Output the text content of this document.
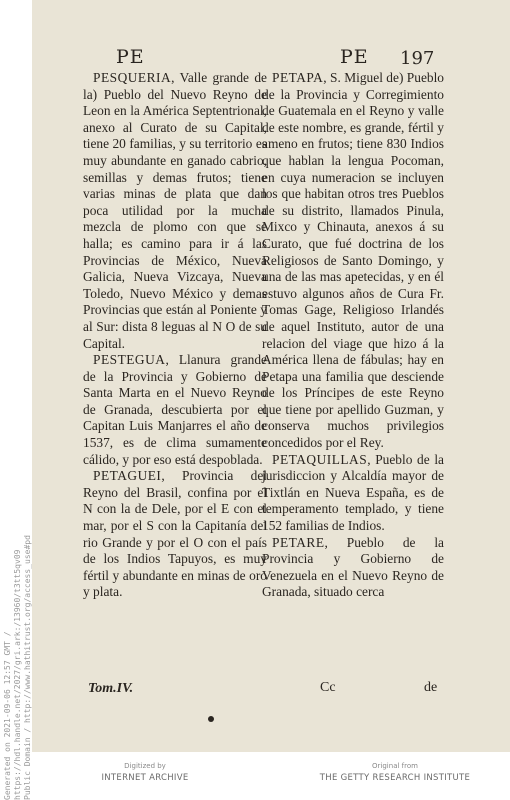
PE	PE 197

PESQUERIA, Valle grande de la) Pueblo del Nuevo Reyno de Leon en la América Septentrional, anexo al Curato de su Capital, tiene 20 familias, y su territorio es muy abundante en ganado cabrio, semillas y demas frutos; tiene varias minas de plata que dan poca utilidad por la mucha mezcla de plomo con que se halla; es camino para ir á las Provincias de México, Nueva Galicia, Nueva Vizcaya, Nueva Toledo, Nuevo México y demas Provincias que están al Poniente y al Sur: dista 8 leguas al N O de su Capital.

PESTEGUA, Llanura grande de la Provincia y Gobierno de Santa Marta en el Nuevo Reyno de Granada, descubierta por el Capitan Luis Manjarres el año de 1537, es de clima sumamente cálido, y por eso está despoblada.

PETAGUEI, Provincia del Reyno del Brasil, confina por el N con la de Dele, por el E con el mar, por el S con la Capitanía del rio Grande y por el O con el país de los Indios Tapuyos, es muy fértil y abundante en minas de oro y plata.

PETAPA, S. Miguel de) Pueblo de la Provincia y Corregimiento de Guatemala en el Reyno y valle de este nombre, es grande, fértil y ameno en frutos; tiene 830 Indios que hablan la lengua Pocoman, en cuya numeracion se incluyen los que habitan otros tres Pueblos de su distrito, llamados Pinula, Mixco y Chinauta, anexos á su Curato, que fué doctrina de los Religiosos de Santo Domingo, y una de las mas apetecidas, y en él estuvo algunos años de Cura Fr. Tomas Gage, Religioso Irlandés de aquel Instituto, autor de una relacion del viage que hizo á la América llena de fábulas; hay en Petapa una familia que desciende de los Príncipes de este Reyno que tiene por apellido Guzman, y conserva muchos privilegios concedidos por el Rey.

PETAQUILLAS, Pueblo de la jurisdiccion y Alcaldía mayor de Tixtlán en Nueva España, es de temperamento templado, y tiene 152 familias de Indios.

PETARE, Pueblo de la Provincia y Gobierno de Venezuela en el Nuevo Reyno de Granada, situado cerca

Tom.IV.	Cc	de
Generated on 2021-09-06 12:57 GMT / https://hdl.handle.net/2027/gri.ark:/13960/t3tt5qv09 Public Domain / http://www.hathitrust.org/access_use#pd	Digitized by
INTERNET ARCHIVE
Original from
THE GETTY RESEARCH INSTITUTE
